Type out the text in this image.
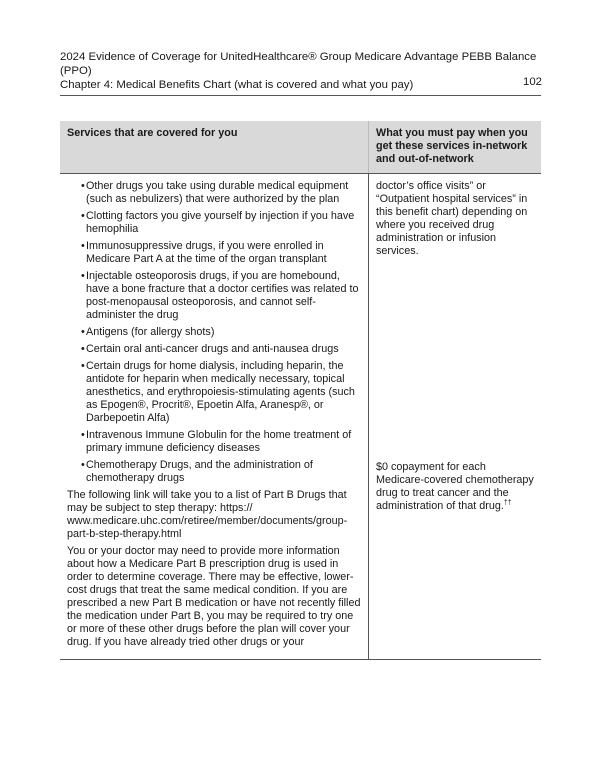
2024 Evidence of Coverage for UnitedHealthcare® Group Medicare Advantage PEBB Balance
(PPO)
Chapter 4: Medical Benefits Chart (what is covered and what you pay)	102
Services that are covered for you	What you must pay when you get these services in-network and out-of-network
• Other drugs you take using durable medical equipment (such as nebulizers) that were authorized by the plan
• Clotting factors you give yourself by injection if you have hemophilia
• Immunosuppressive drugs, if you were enrolled in Medicare Part A at the time of the organ transplant
• Injectable osteoporosis drugs, if you are homebound, have a bone fracture that a doctor certifies was related to post-menopausal osteoporosis, and cannot self-administer the drug
• Antigens (for allergy shots)
• Certain oral anti-cancer drugs and anti-nausea drugs
• Certain drugs for home dialysis, including heparin, the antidote for heparin when medically necessary, topical anesthetics, and erythropoiesis-stimulating agents (such as Epogen®, Procrit®, Epoetin Alfa, Aranesp®, or Darbepoetin Alfa)
• Intravenous Immune Globulin for the home treatment of primary immune deficiency diseases
• Chemotherapy Drugs, and the administration of chemotherapy drugs

The following link will take you to a list of Part B Drugs that may be subject to step therapy: https:// www.medicare.uhc.com/retiree/member/documents/group-part-b-step-therapy.html

You or your doctor may need to provide more information about how a Medicare Part B prescription drug is used in order to determine coverage. There may be effective, lower-cost drugs that treat the same medical condition. If you are prescribed a new Part B medication or have not recently filled the medication under Part B, you may be required to try one or more of these other drugs before the plan will cover your drug. If you have already tried other drugs or your

doctor’s office visits” or “Outpatient hospital services” in this benefit chart) depending on where you received drug administration or infusion services.
$0 copayment for each Medicare-covered chemotherapy drug to treat cancer and the administration of that drug.††
